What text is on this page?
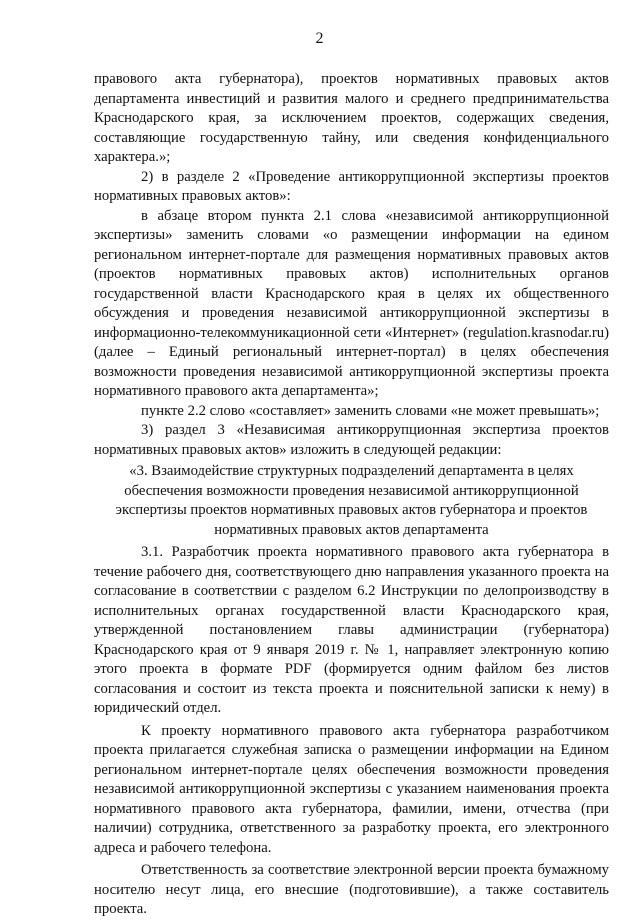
2

правового акта губернатора), проектов нормативных правовых актов департамента инвестиций и развития малого и среднего предпринимательства Краснодарского края, за исключением проектов, содержащих сведения, составляющие государственную тайну, или сведения конфиденциального характера.»;

2) в разделе 2 «Проведение антикоррупционной экспертизы проектов нормативных правовых актов»:

в абзаце втором пункта 2.1 слова «независимой антикоррупционной экспертизы» заменить словами «о размещении информации на едином региональном интернет-портале для размещения нормативных правовых актов (проектов нормативных правовых актов) исполнительных органов государственной власти Краснодарского края в целях их общественного обсуждения и проведения независимой антикоррупционной экспертизы в информационно-телекоммуникационной сети «Интернет» (regulation.krasnodar.ru) (далее – Единый региональный интернет-портал) в целях обеспечения возможности проведения независимой антикоррупционной экспертизы проекта нормативного правового акта департамента»;

пункте 2.2 слово «составляет» заменить словами «не может превышать»;

3) раздел 3 «Независимая антикоррупционная экспертиза проектов нормативных правовых актов» изложить в следующей редакции:

«3. Взаимодействие структурных подразделений департамента в целях обеспечения возможности проведения независимой антикоррупционной экспертизы проектов нормативных правовых актов губернатора и проектов нормативных правовых актов департамента

3.1. Разработчик проекта нормативного правового акта губернатора в течение рабочего дня, соответствующего дню направления указанного проекта на согласование в соответствии с разделом 6.2 Инструкции по делопроизводству в исполнительных органах государственной власти Краснодарского края, утвержденной постановлением главы администрации (губернатора) Краснодарского края от 9 января 2019 г. № 1, направляет электронную копию этого проекта в формате PDF (формируется одним файлом без листов согласования и состоит из текста проекта и пояснительной записки к нему) в юридический отдел.

К проекту нормативного правового акта губернатора разработчиком проекта прилагается служебная записка о размещении информации на Едином региональном интернет-портале целях обеспечения возможности проведения независимой антикоррупционной экспертизы с указанием наименования проекта нормативного правового акта губернатора, фамилии, имени, отчества (при наличии) сотрудника, ответственного за разработку проекта, его электронного адреса и рабочего телефона.

Ответственность за соответствие электронной версии проекта бумажному носителю несут лица, его внесшие (подготовившие), а также составитель проекта.
